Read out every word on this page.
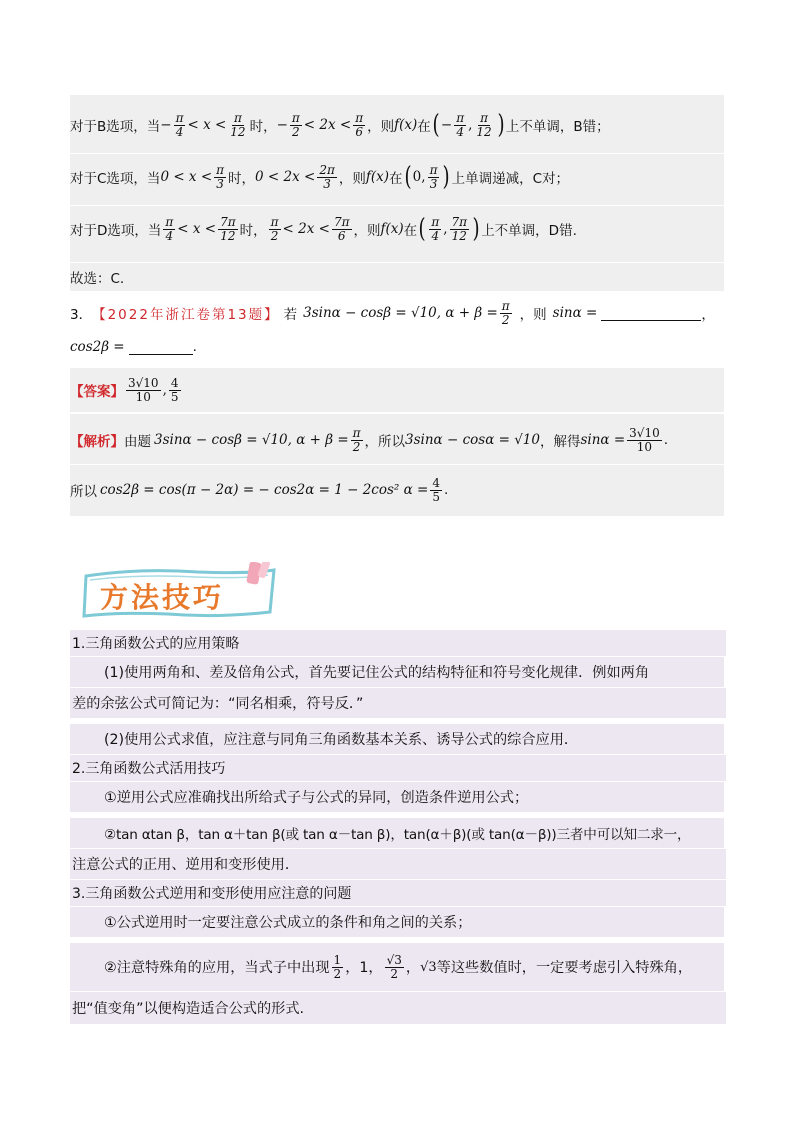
对于B选项，当 − $\frac{\pi}{4} < x < \frac{\pi}{12}$ 时， − $\frac{\pi}{2} < 2x < \frac{\pi}{6}$ ，则 f(x) 在 ( − $\frac{\pi}{4}$ , $\frac{\pi}{12}$ ) 上不单调，B错；
对于C选项，当 $0 < x < \frac{\pi}{3}$ 时， $0 < 2x < \frac{2\pi}{3}$ ，则 f(x) 在 ( 0, $\frac{\pi}{3}$ ) 上单调递减，C对；
对于D选项，当 $\frac{\pi}{4} < x < \frac{7\pi}{12}$ 时， $\frac{\pi}{2} < 2x < \frac{7\pi}{6}$ ，则 f(x) 在 ( $\frac{\pi}{4}$ , $\frac{7\pi}{12}$ ) 上不单调，D错.
故选：C.
3． 【2022年浙江卷第13题】 若 3sinα − cosβ = √10, $\alpha + \beta = \frac{\pi}{2}$ ，则 sinα =	，
cos2β =	.
【答案】 $\frac{3√10}{10}$ , $\frac{4}{5}$
【解析】 由题 3sinα − cosβ = √10, $\alpha + \beta = \frac{\pi}{2}$ ，所以 3sinα − cosα = √10 ，解得 $\sin\alpha = \frac{3√10}{10}$ .
所以 cos2β = cos(π − 2α) = − cos2α = 1 − 2cos² $\alpha = \frac{4}{5}$ .
方法技巧
1.三角函数公式的应用策略
(1)使用两角和、差及倍角公式，首先要记住公式的结构特征和符号变化规律．例如两角
差的余弦公式可简记为：“同名相乘，符号反．”
(2)使用公式求值，应注意与同角三角函数基本关系、诱导公式的综合应用．
2.三角函数公式活用技巧
①逆用公式应准确找出所给式子与公式的异同，创造条件逆用公式；
②tan αtan β，tan α＋tan β(或 tan α－tan β)，tan(α＋β)(或 tan(α－β))三者中可以知二求一，
注意公式的正用、逆用和变形使用．
3.三角函数公式逆用和变形使用应注意的问题
①公式逆用时一定要注意公式成立的条件和角之间的关系；
②注意特殊角的应用，当式子中出现 $\frac{1}{2}$ ，1， $\frac{√3}{2}$ ， √3 等这些数值时，一定要考虑引入特殊角，
把“值变角”以便构造适合公式的形式.
